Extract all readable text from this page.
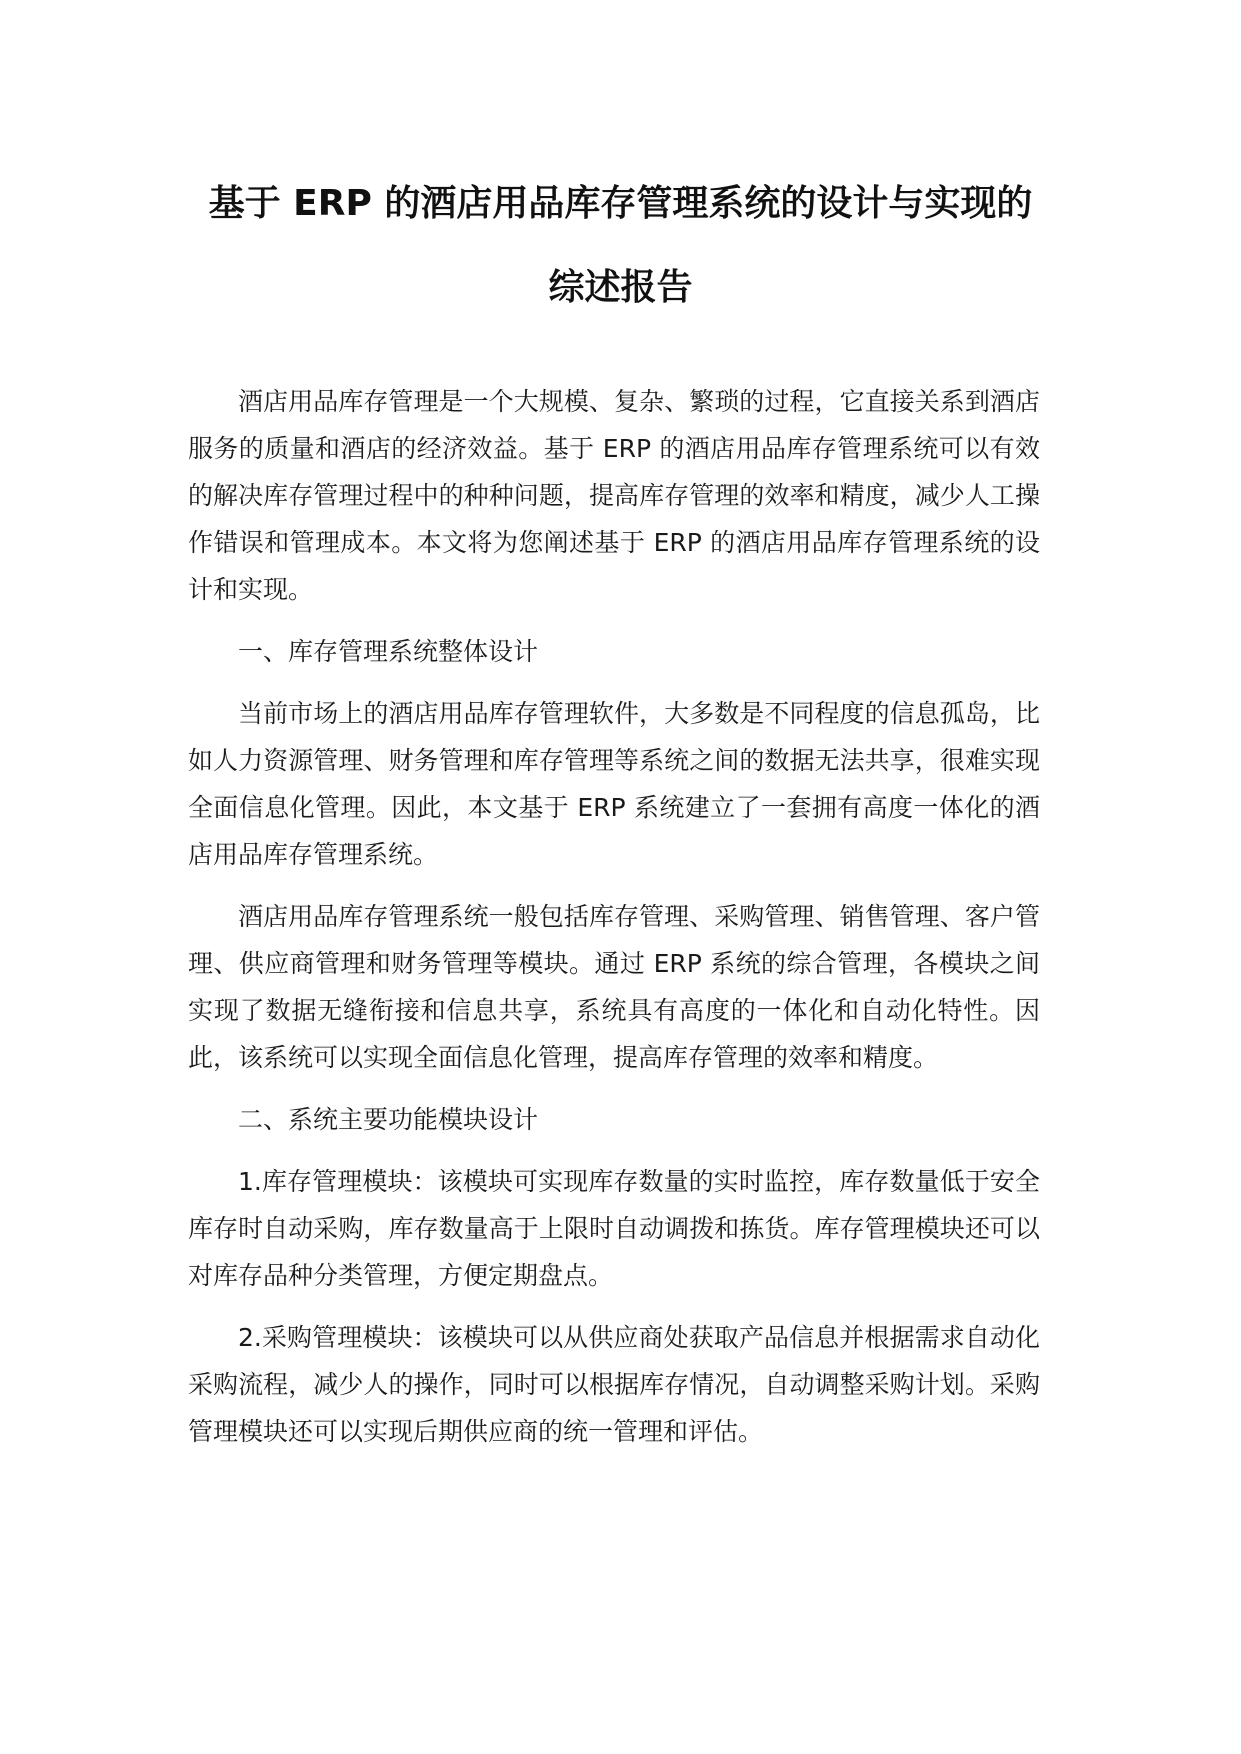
基于 ERP 的酒店用品库存管理系统的设计与实现的
综述报告

酒店用品库存管理是一个大规模、复杂、繁琐的过程，它直接关系到酒店服务的质量和酒店的经济效益。基于 ERP 的酒店用品库存管理系统可以有效的解决库存管理过程中的种种问题，提高库存管理的效率和精度，减少人工操作错误和管理成本。本文将为您阐述基于 ERP 的酒店用品库存管理系统的设计和实现。

一、库存管理系统整体设计

当前市场上的酒店用品库存管理软件，大多数是不同程度的信息孤岛，比如人力资源管理、财务管理和库存管理等系统之间的数据无法共享，很难实现全面信息化管理。因此，本文基于 ERP 系统建立了一套拥有高度一体化的酒店用品库存管理系统。

酒店用品库存管理系统一般包括库存管理、采购管理、销售管理、客户管理、供应商管理和财务管理等模块。通过 ERP 系统的综合管理，各模块之间实现了数据无缝衔接和信息共享，系统具有高度的一体化和自动化特性。因此，该系统可以实现全面信息化管理，提高库存管理的效率和精度。

二、系统主要功能模块设计

1.库存管理模块：该模块可实现库存数量的实时监控，库存数量低于安全库存时自动采购，库存数量高于上限时自动调拨和拣货。库存管理模块还可以对库存品种分类管理，方便定期盘点。

2.采购管理模块：该模块可以从供应商处获取产品信息并根据需求自动化采购流程，减少人的操作，同时可以根据库存情况，自动调整采购计划。采购管理模块还可以实现后期供应商的统一管理和评估。
